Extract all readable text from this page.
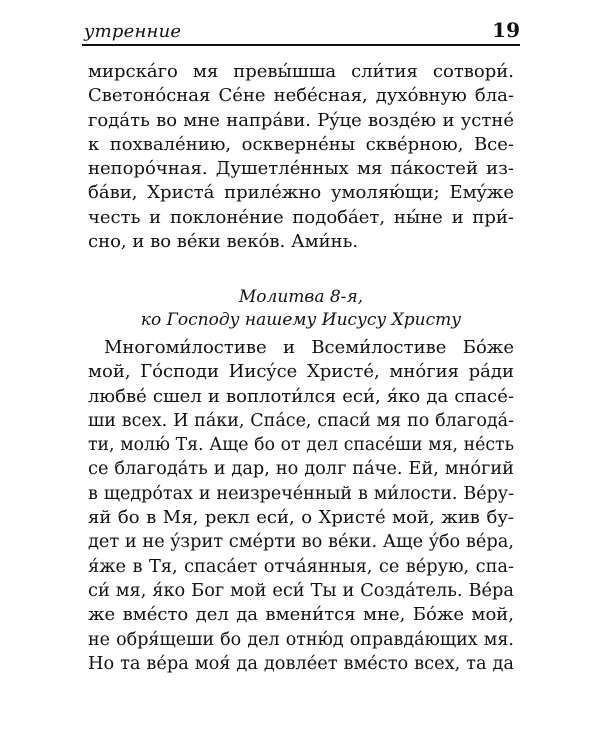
утренние	19
мирскáго мя превы́шша сли́тия сотвори́.
Светонóсная Сéне небéсная, духóвную бла-
годáть во мне напрáви. Рýце воздéю и устнé
к похвалéнию, осквернéны сквéрною, Все-
непорóчная. Душетлéнных мя пáкостей из-
бáви, Христá прилéжно умоляю́щи; Емýже
честь и поклонéние подобáет, ны́не и при́-
сно, и во вéки векóв. Ами́нь.
Молитва 8-я,
ко Господу нашему Иисусу Христу
Многоми́лостиве и Всеми́лостиве Бóже
мой, Гóсподи Иисýсе Христé, мнóгия рáди
любвé сшел и воплоти́лся еси́, я́ко да спасé-
ши всех. И пáки, Спáсе, спаси́ мя по благодá-
ти, молю́ Тя. Аще бо от дел спасéши мя, нéсть
се благодáть и дар, но долг пáче. Ей, мнóгий
в щедрóтах и неизречéнный в ми́лости. Вéру-
яй бо в Мя, рекл еси́, о Христé мой, жив бу-
дет и не ýзрит смéрти во вéки. Аще ýбо вéра,
я́же в Тя, спасáет отчáянныя, се вéрую, спа-
си́ мя, я́ко Бог мой еси́ Ты и Создáтель. Вéра
же вмéсто дел да вмени́тся мне, Бóже мой,
не обря́щеши бо дел отню́д оправдáющих мя.
Но та вéра моя́ да довлéет вмéсто всех, та да
